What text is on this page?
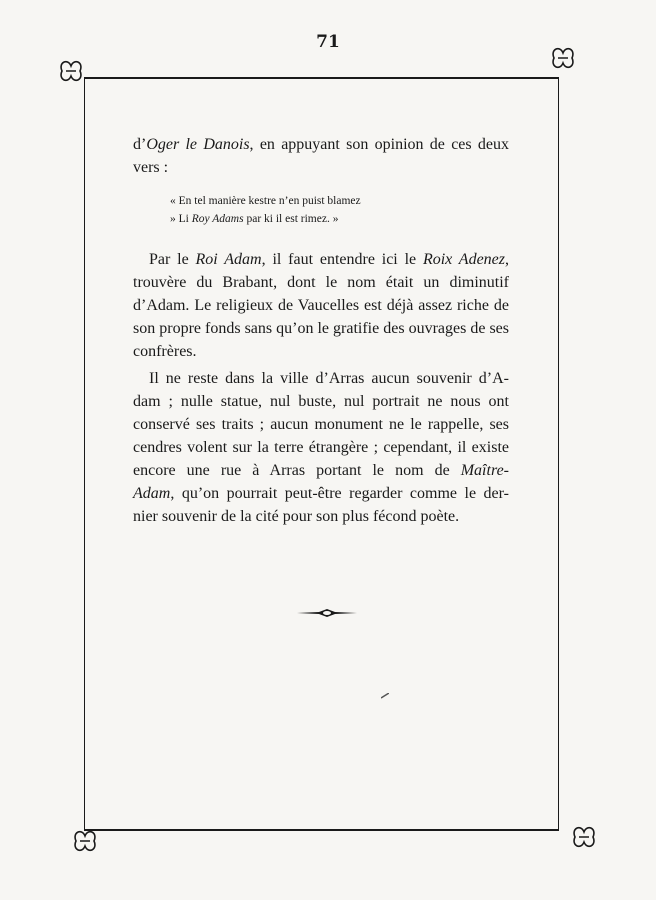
71
d’Oger le Danois, en appuyant son opinion de ces deux
vers :
« En tel manière kestre n’en puist blamez
» Li Roy Adams par ki il est rimez. »
Par le Roi Adam, il faut entendre ici le Roix Adenez,
trouvère du Brabant, dont le nom était un diminutif
d’Adam. Le religieux de Vaucelles est déjà assez riche de
son propre fonds sans qu’on le gratifie des ouvrages de ses
confrères.
Il ne reste dans la ville d’Arras aucun souvenir d’A-
dam ; nulle statue, nul buste, nul portrait ne nous ont
conservé ses traits ; aucun monument ne le rappelle, ses
cendres volent sur la terre étrangère ; cependant, il existe
encore une rue à Arras portant le nom de Maître-
Adam, qu’on pourrait peut-être regarder comme le der-
nier souvenir de la cité pour son plus fécond poète.
